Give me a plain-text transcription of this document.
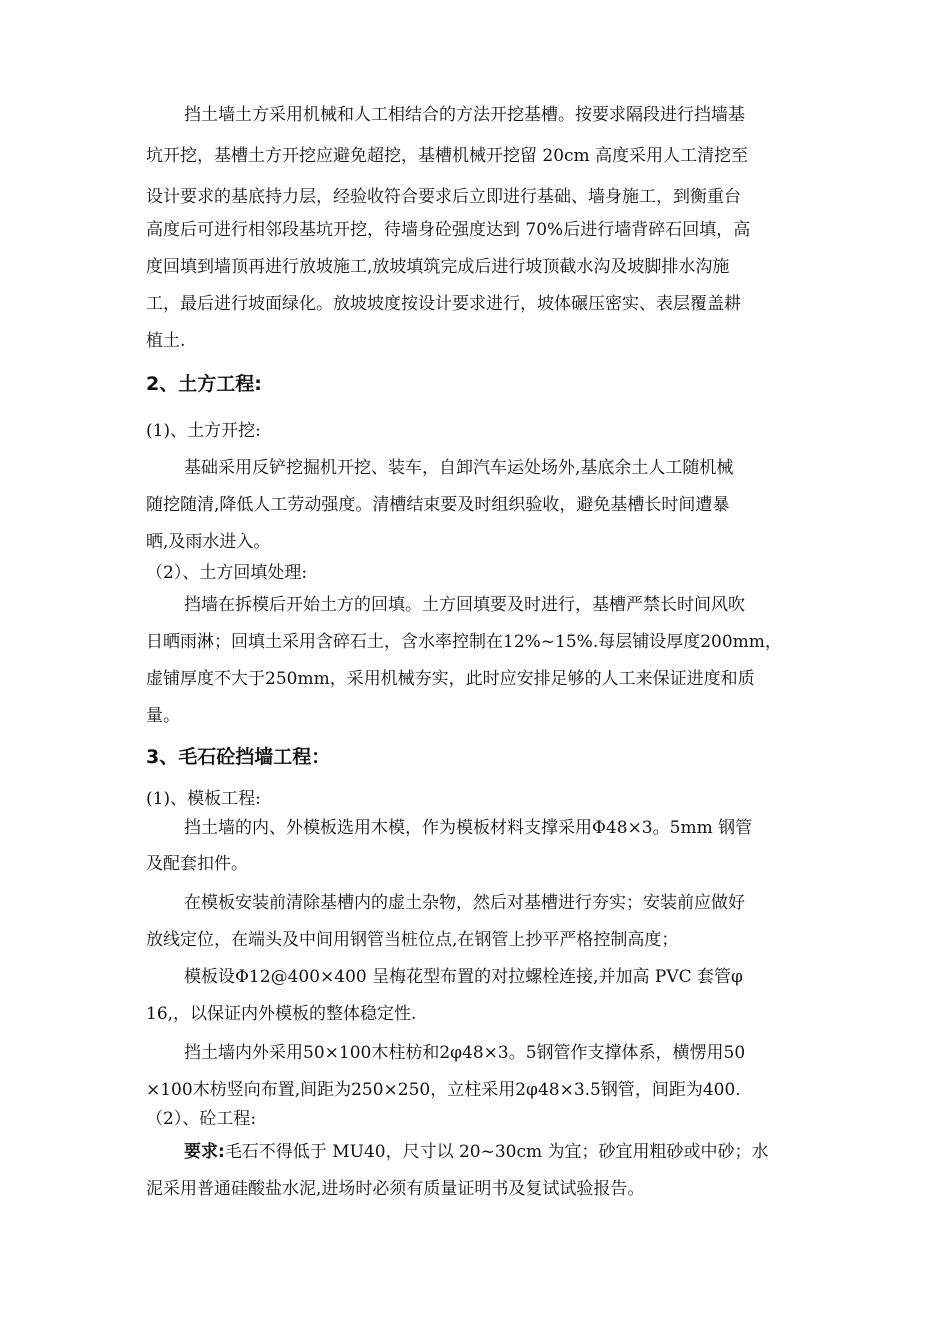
挡土墙土方采用机械和人工相结合的方法开挖基槽。按要求隔段进行挡墙基
坑开挖，基槽土方开挖应避免超挖，基槽机械开挖留 20cm 高度采用人工清挖至
设计要求的基底持力层，经验收符合要求后立即进行基础、墙身施工，到衡重台
高度后可进行相邻段基坑开挖，待墙身砼强度达到 70%后进行墙背碎石回填，高
度回填到墙顶再进行放坡施工,放坡填筑完成后进行坡顶截水沟及坡脚排水沟施
工，最后进行坡面绿化。放坡坡度按设计要求进行，坡体碾压密实、表层覆盖耕
植土.
2、土方工程:
(1)、土方开挖:
基础采用反铲挖掘机开挖、装车，自卸汽车运处场外,基底余土人工随机械
随挖随清,降低人工劳动强度。清槽结束要及时组织验收，避免基槽长时间遭暴
晒,及雨水进入。
（2）、土方回填处理:
挡墙在拆模后开始土方的回填。土方回填要及时进行，基槽严禁长时间风吹
日晒雨淋；回填土采用含碎石土，含水率控制在12%~15%.每层铺设厚度200mm，
虚铺厚度不大于250mm，采用机械夯实，此时应安排足够的人工来保证进度和质
量。
3、毛石砼挡墙工程：
(1)、模板工程:
挡土墙的内、外模板选用木模，作为模板材料支撑采用Φ48×3。5mm 钢管
及配套扣件。
在模板安装前清除基槽内的虚土杂物，然后对基槽进行夯实；安装前应做好
放线定位，在端头及中间用钢管当桩位点,在钢管上抄平严格控制高度；
模板设Φ12@400×400 呈梅花型布置的对拉螺栓连接,并加高 PVC 套管φ
16,，以保证内外模板的整体稳定性.
挡土墙内外采用50×100木柱枋和2φ48×3。5钢管作支撑体系，横愣用50
×100木枋竖向布置,间距为250×250，立柱采用2φ48×3.5钢管，间距为400.
（2）、砼工程:
要求:毛石不得低于 MU40，尺寸以 20~30cm 为宜；砂宜用粗砂或中砂；水
泥采用普通硅酸盐水泥,进场时必须有质量证明书及复试试验报告。
